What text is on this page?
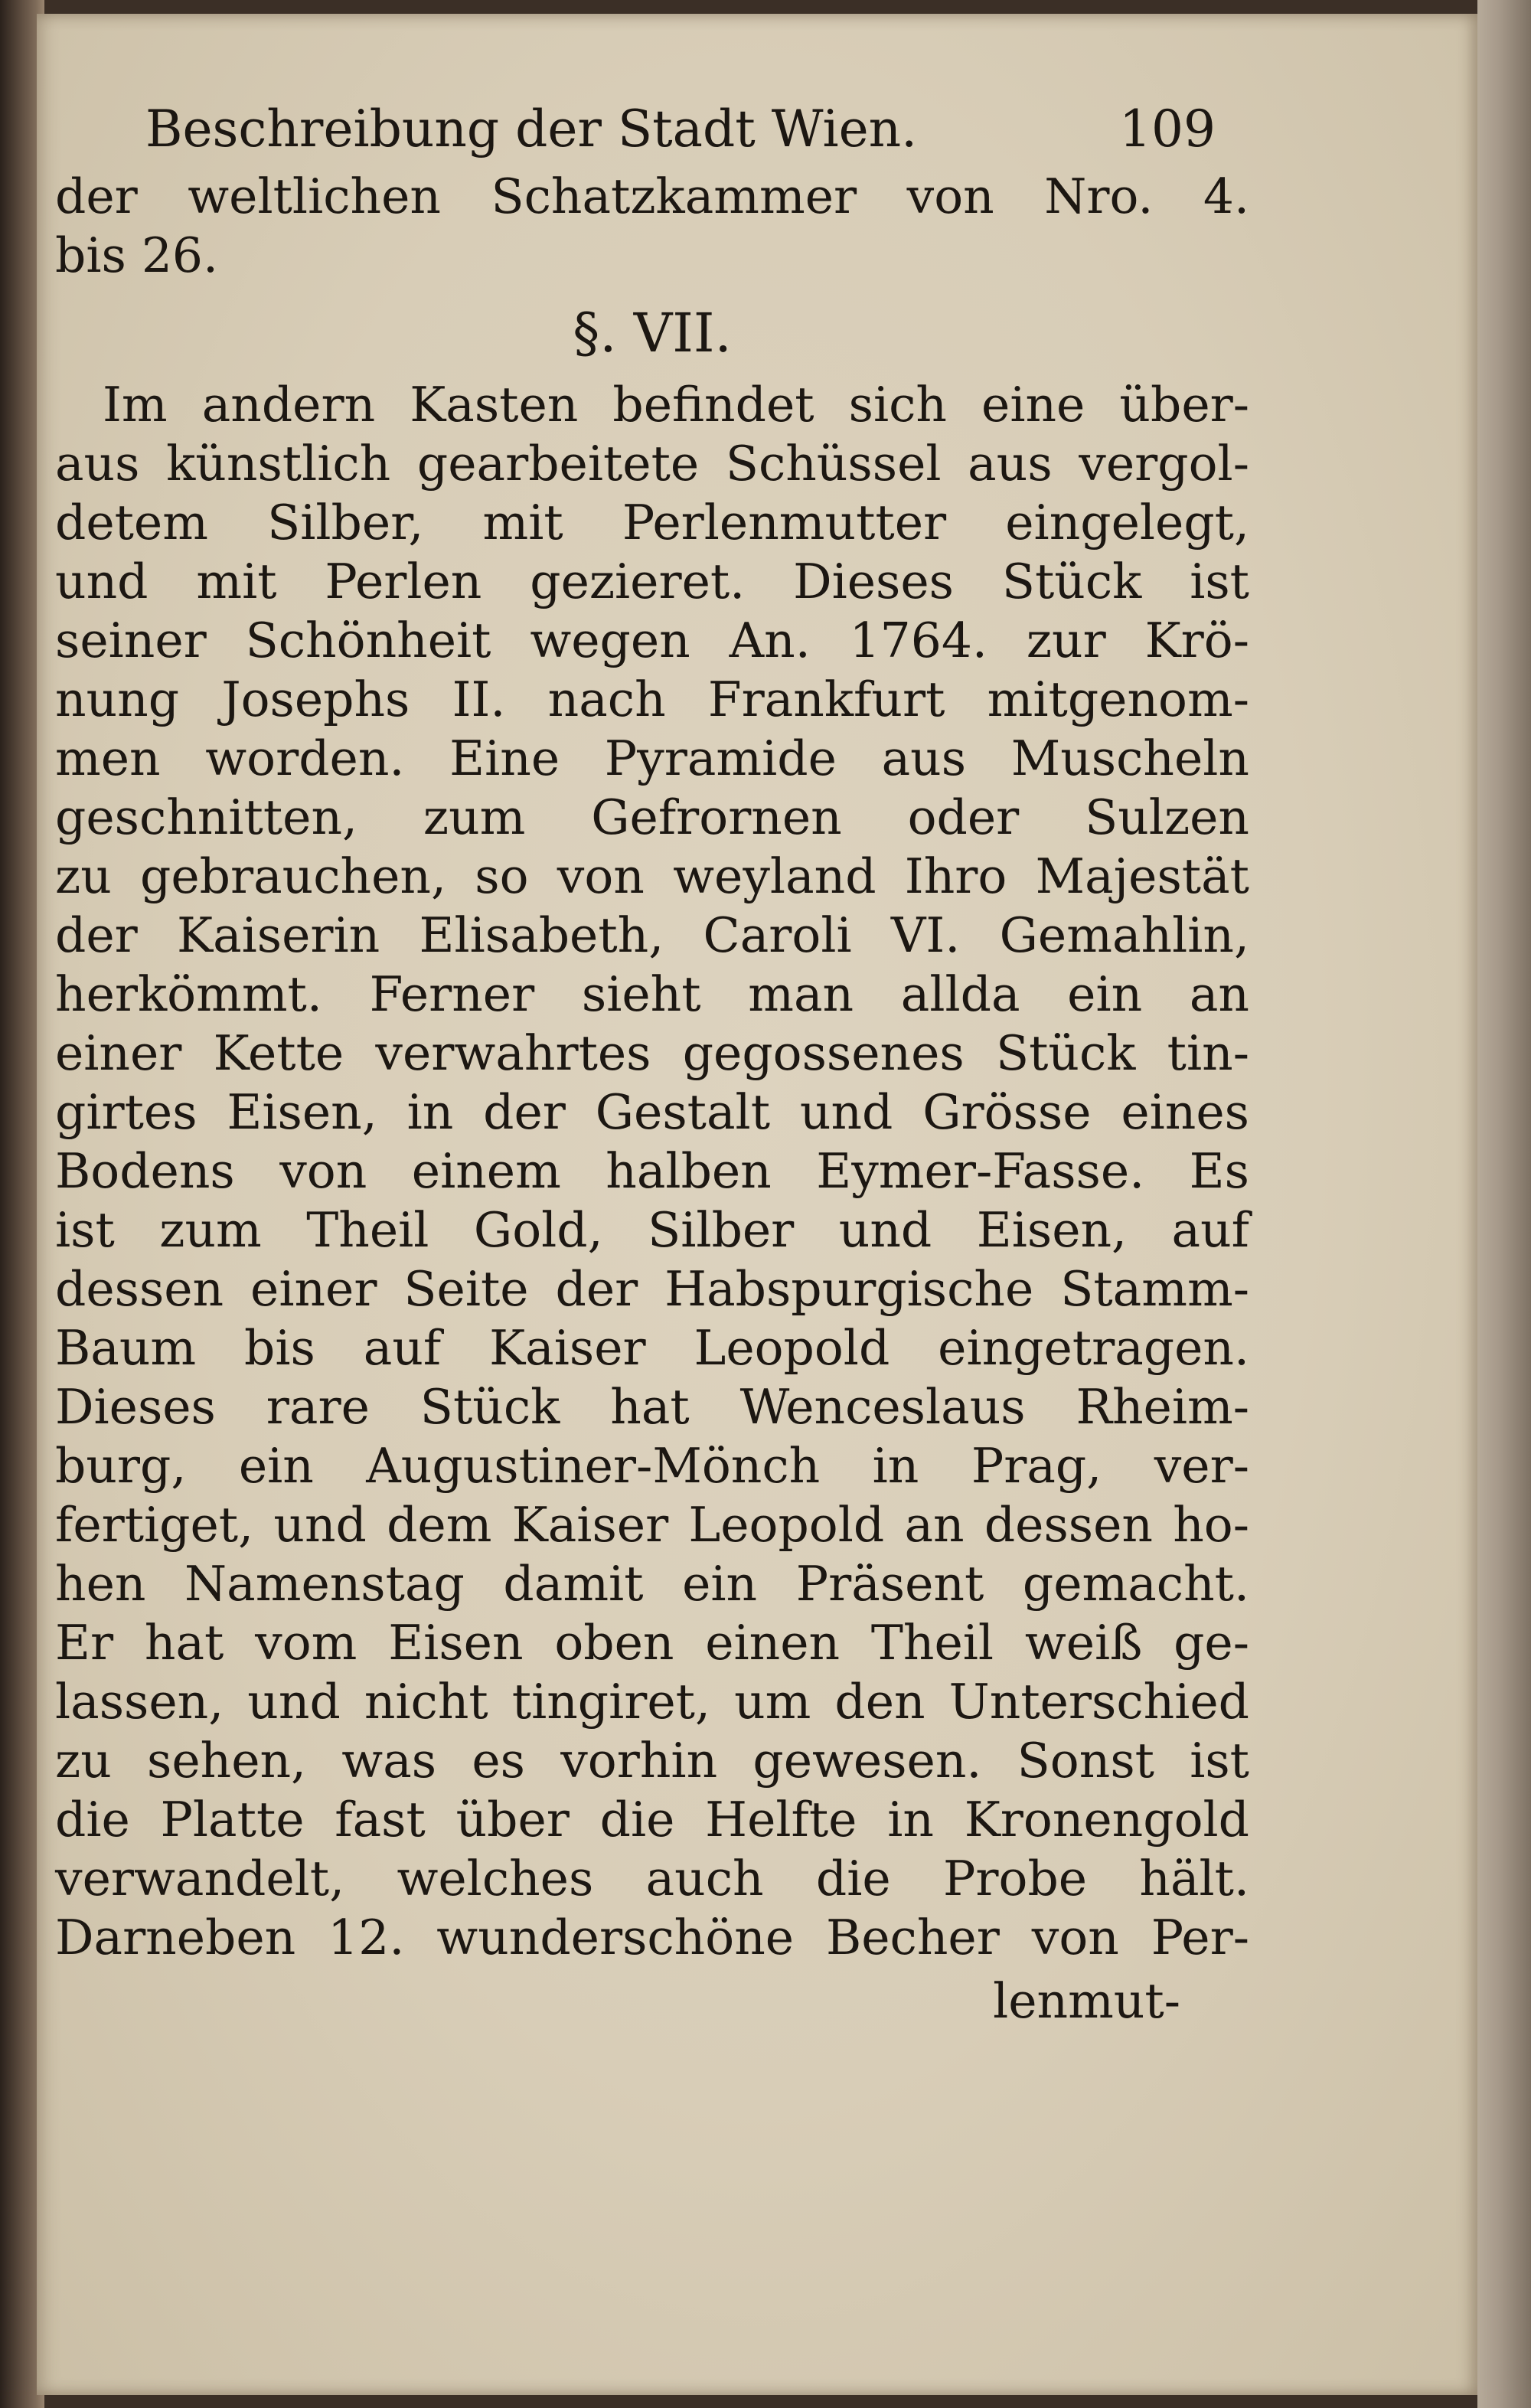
Beschreibung der Stadt Wien.	109
der weltlichen Schatzkammer von Nro. 4.
bis 26.
§. VII.
Im andern Kasten befindet sich eine über-
aus künstlich gearbeitete Schüssel aus vergol-
detem Silber, mit Perlenmutter eingelegt,
und mit Perlen gezieret. Dieses Stück ist
seiner Schönheit wegen An. 1764. zur Krö-
nung Josephs II. nach Frankfurt mitgenom-
men worden. Eine Pyramide aus Muscheln
geschnitten, zum Gefrornen oder Sulzen
zu gebrauchen, so von weyland Ihro Majestät
der Kaiserin Elisabeth, Caroli VI. Gemahlin,
herkömmt. Ferner sieht man allda ein an
einer Kette verwahrtes gegossenes Stück tin-
girtes Eisen, in der Gestalt und Grösse eines
Bodens von einem halben Eymer-Fasse. Es
ist zum Theil Gold, Silber und Eisen, auf
dessen einer Seite der Habspurgische Stamm-
Baum bis auf Kaiser Leopold eingetragen.
Dieses rare Stück hat Wenceslaus Rheim-
burg, ein Augustiner-Mönch in Prag, ver-
fertiget, und dem Kaiser Leopold an dessen ho-
hen Namenstag damit ein Präsent gemacht.
Er hat vom Eisen oben einen Theil weiß ge-
lassen, und nicht tingiret, um den Unterschied
zu sehen, was es vorhin gewesen. Sonst ist
die Platte fast über die Helfte in Kronengold
verwandelt, welches auch die Probe hält.
Darneben 12. wunderschöne Becher von Per-
lenmut-
